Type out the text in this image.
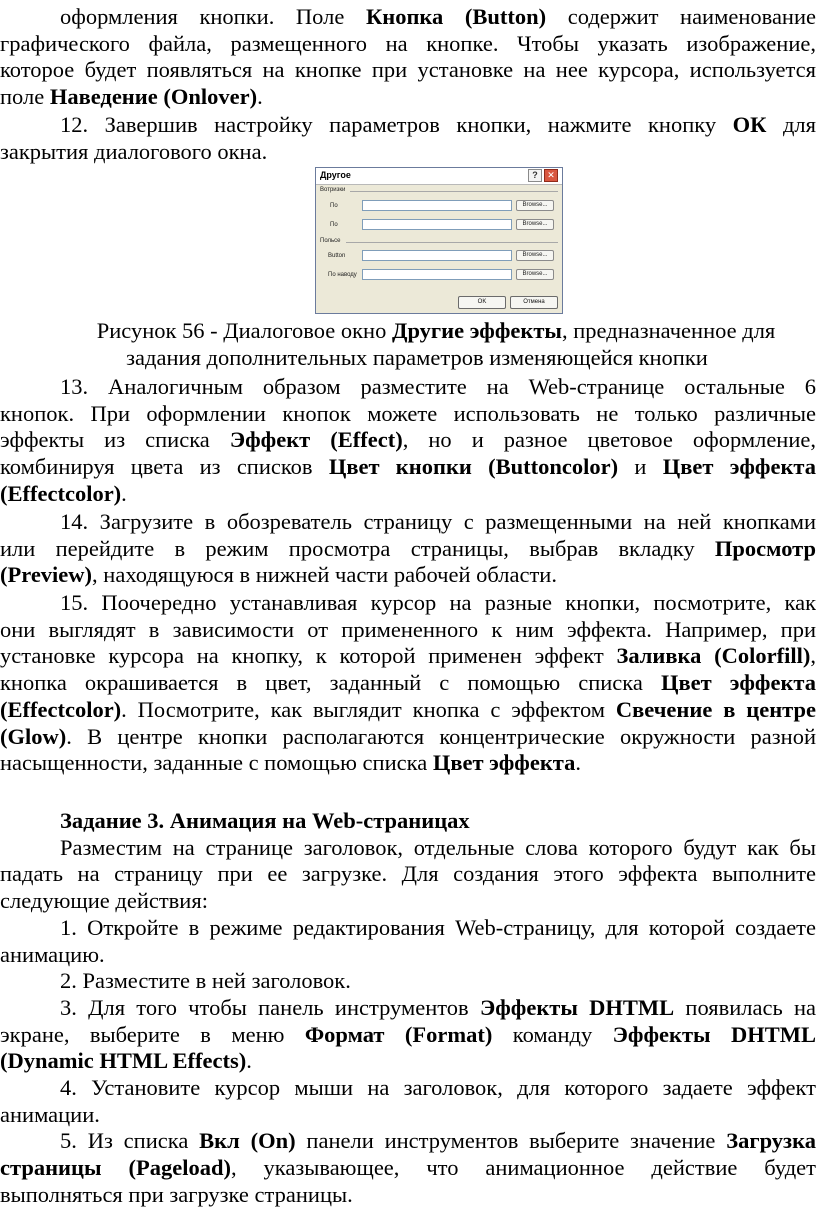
оформления кнопки. Поле Кнопка (Button) содержит наименование

графического файла, размещенного на кнопке. Чтобы указать изображение,

которое будет появляться на кнопке при установке на нее курсора, используется

поле Наведение (Onlover).

12. Завершив настройку параметров кнопки, нажмите кнопку ОК для

закрытия диалогового окна.

Другое	?	✕
Вотризки
По	Browse...
По	Browse...
Польсе
Button	Browse...
По наводу	Browse...
OK	Отмена

Рисунок 56 - Диалоговое окно Другие эффекты, предназначенное для

задания дополнительных параметров изменяющейся кнопки

13. Аналогичным образом разместите на Web-странице остальные 6

кнопок. При оформлении кнопок можете использовать не только различные

эффекты из списка Эффект (Effect), но и разное цветовое оформление,

комбинируя цвета из списков Цвет кнопки (Buttoncolor) и Цвет эффекта

(Effectcolor).

14. Загрузите в обозреватель страницу с размещенными на ней кнопками

или перейдите в режим просмотра страницы, выбрав вкладку Просмотр

(Preview), находящуюся в нижней части рабочей области.

15. Поочередно устанавливая курсор на разные кнопки, посмотрите, как

они выглядят в зависимости от примененного к ним эффекта. Например, при

установке курсора на кнопку, к которой применен эффект Заливка (Colorfill),

кнопка окрашивается в цвет, заданный с помощью списка Цвет эффекта

(Effectcolor). Посмотрите, как выглядит кнопка с эффектом Свечение в центре

(Glow). В центре кнопки располагаются концентрические окружности разной

насыщенности, заданные с помощью списка Цвет эффекта.

Задание 3. Анимация на Web-страницах

Разместим на странице заголовок, отдельные слова которого будут как бы

падать на страницу при ее загрузке. Для создания этого эффекта выполните

следующие действия:

1. Откройте в режиме редактирования Web-страницу, для которой создаете

анимацию.

2. Разместите в ней заголовок.

3. Для того чтобы панель инструментов Эффекты DHTML появилась на

экране, выберите в меню Формат (Format) команду Эффекты DHTML

(Dynamic HTML Effects).

4. Установите курсор мыши на заголовок, для которого задаете эффект

анимации.

5. Из списка Вкл (On) панели инструментов выберите значение Загрузка

страницы (Pageload), указывающее, что анимационное действие будет

выполняться при загрузке страницы.
